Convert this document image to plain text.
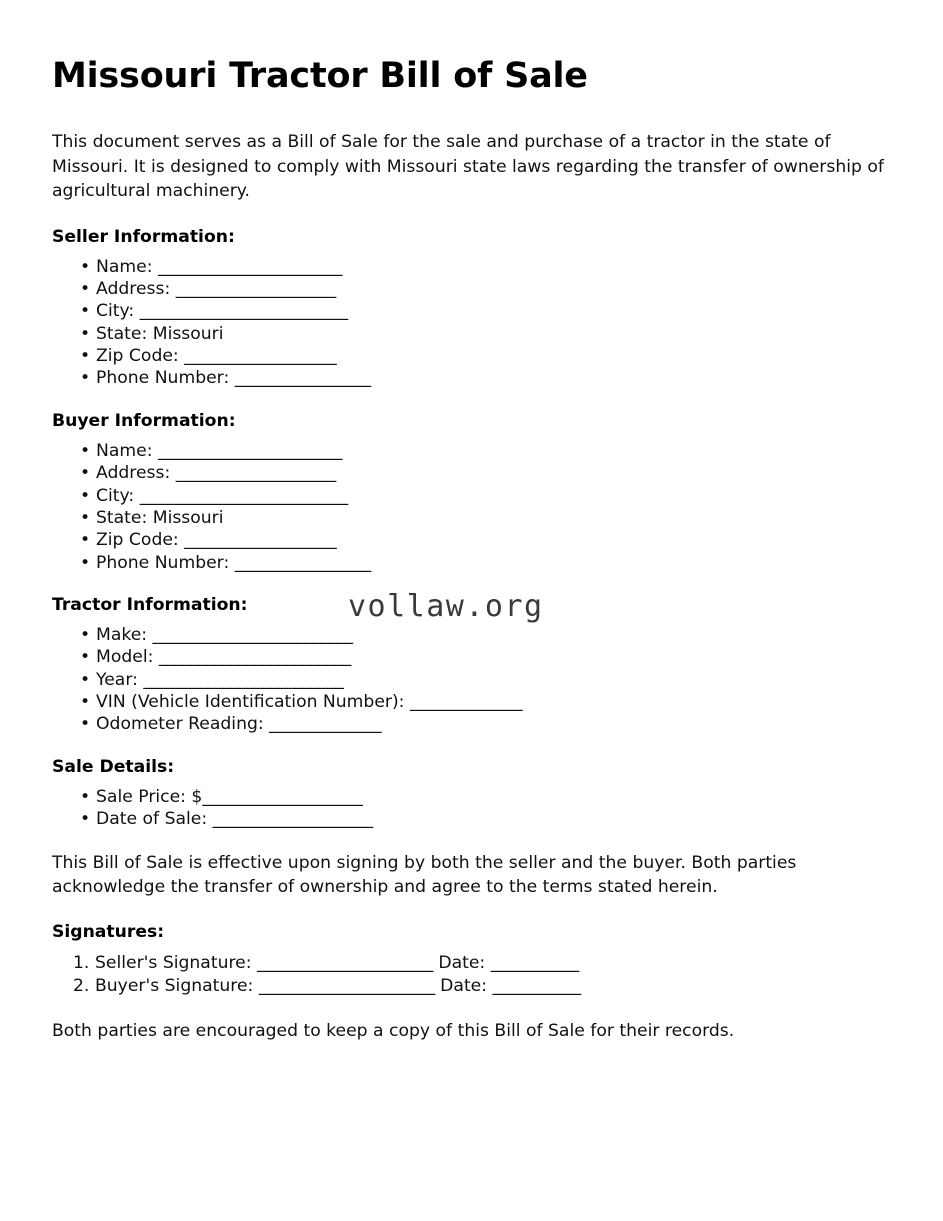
vollaw.org
Missouri Tractor Bill of Sale

This document serves as a Bill of Sale for the sale and purchase of a tractor in the state of Missouri. It is designed to comply with Missouri state laws regarding the transfer of ownership of agricultural machinery.

Seller Information:
• Name: _______________________
• Address: ____________________
• City: __________________________
• State: Missouri
• Zip Code: ___________________
• Phone Number: _________________
Buyer Information:
• Name: _______________________
• Address: ____________________
• City: __________________________
• State: Missouri
• Zip Code: ___________________
• Phone Number: _________________
Tractor Information:
• Make: _________________________
• Model: ________________________
• Year: _________________________
• VIN (Vehicle Identification Number): ______________
• Odometer Reading: ______________
Sale Details:
• Sale Price: $____________________
• Date of Sale: ____________________

This Bill of Sale is effective upon signing by both the seller and the buyer. Both parties acknowledge the transfer of ownership and agree to the terms stated herein.

Signatures:
1. Seller's Signature: ______________________ Date: ___________
2. Buyer's Signature: ______________________ Date: ___________

Both parties are encouraged to keep a copy of this Bill of Sale for their records.
